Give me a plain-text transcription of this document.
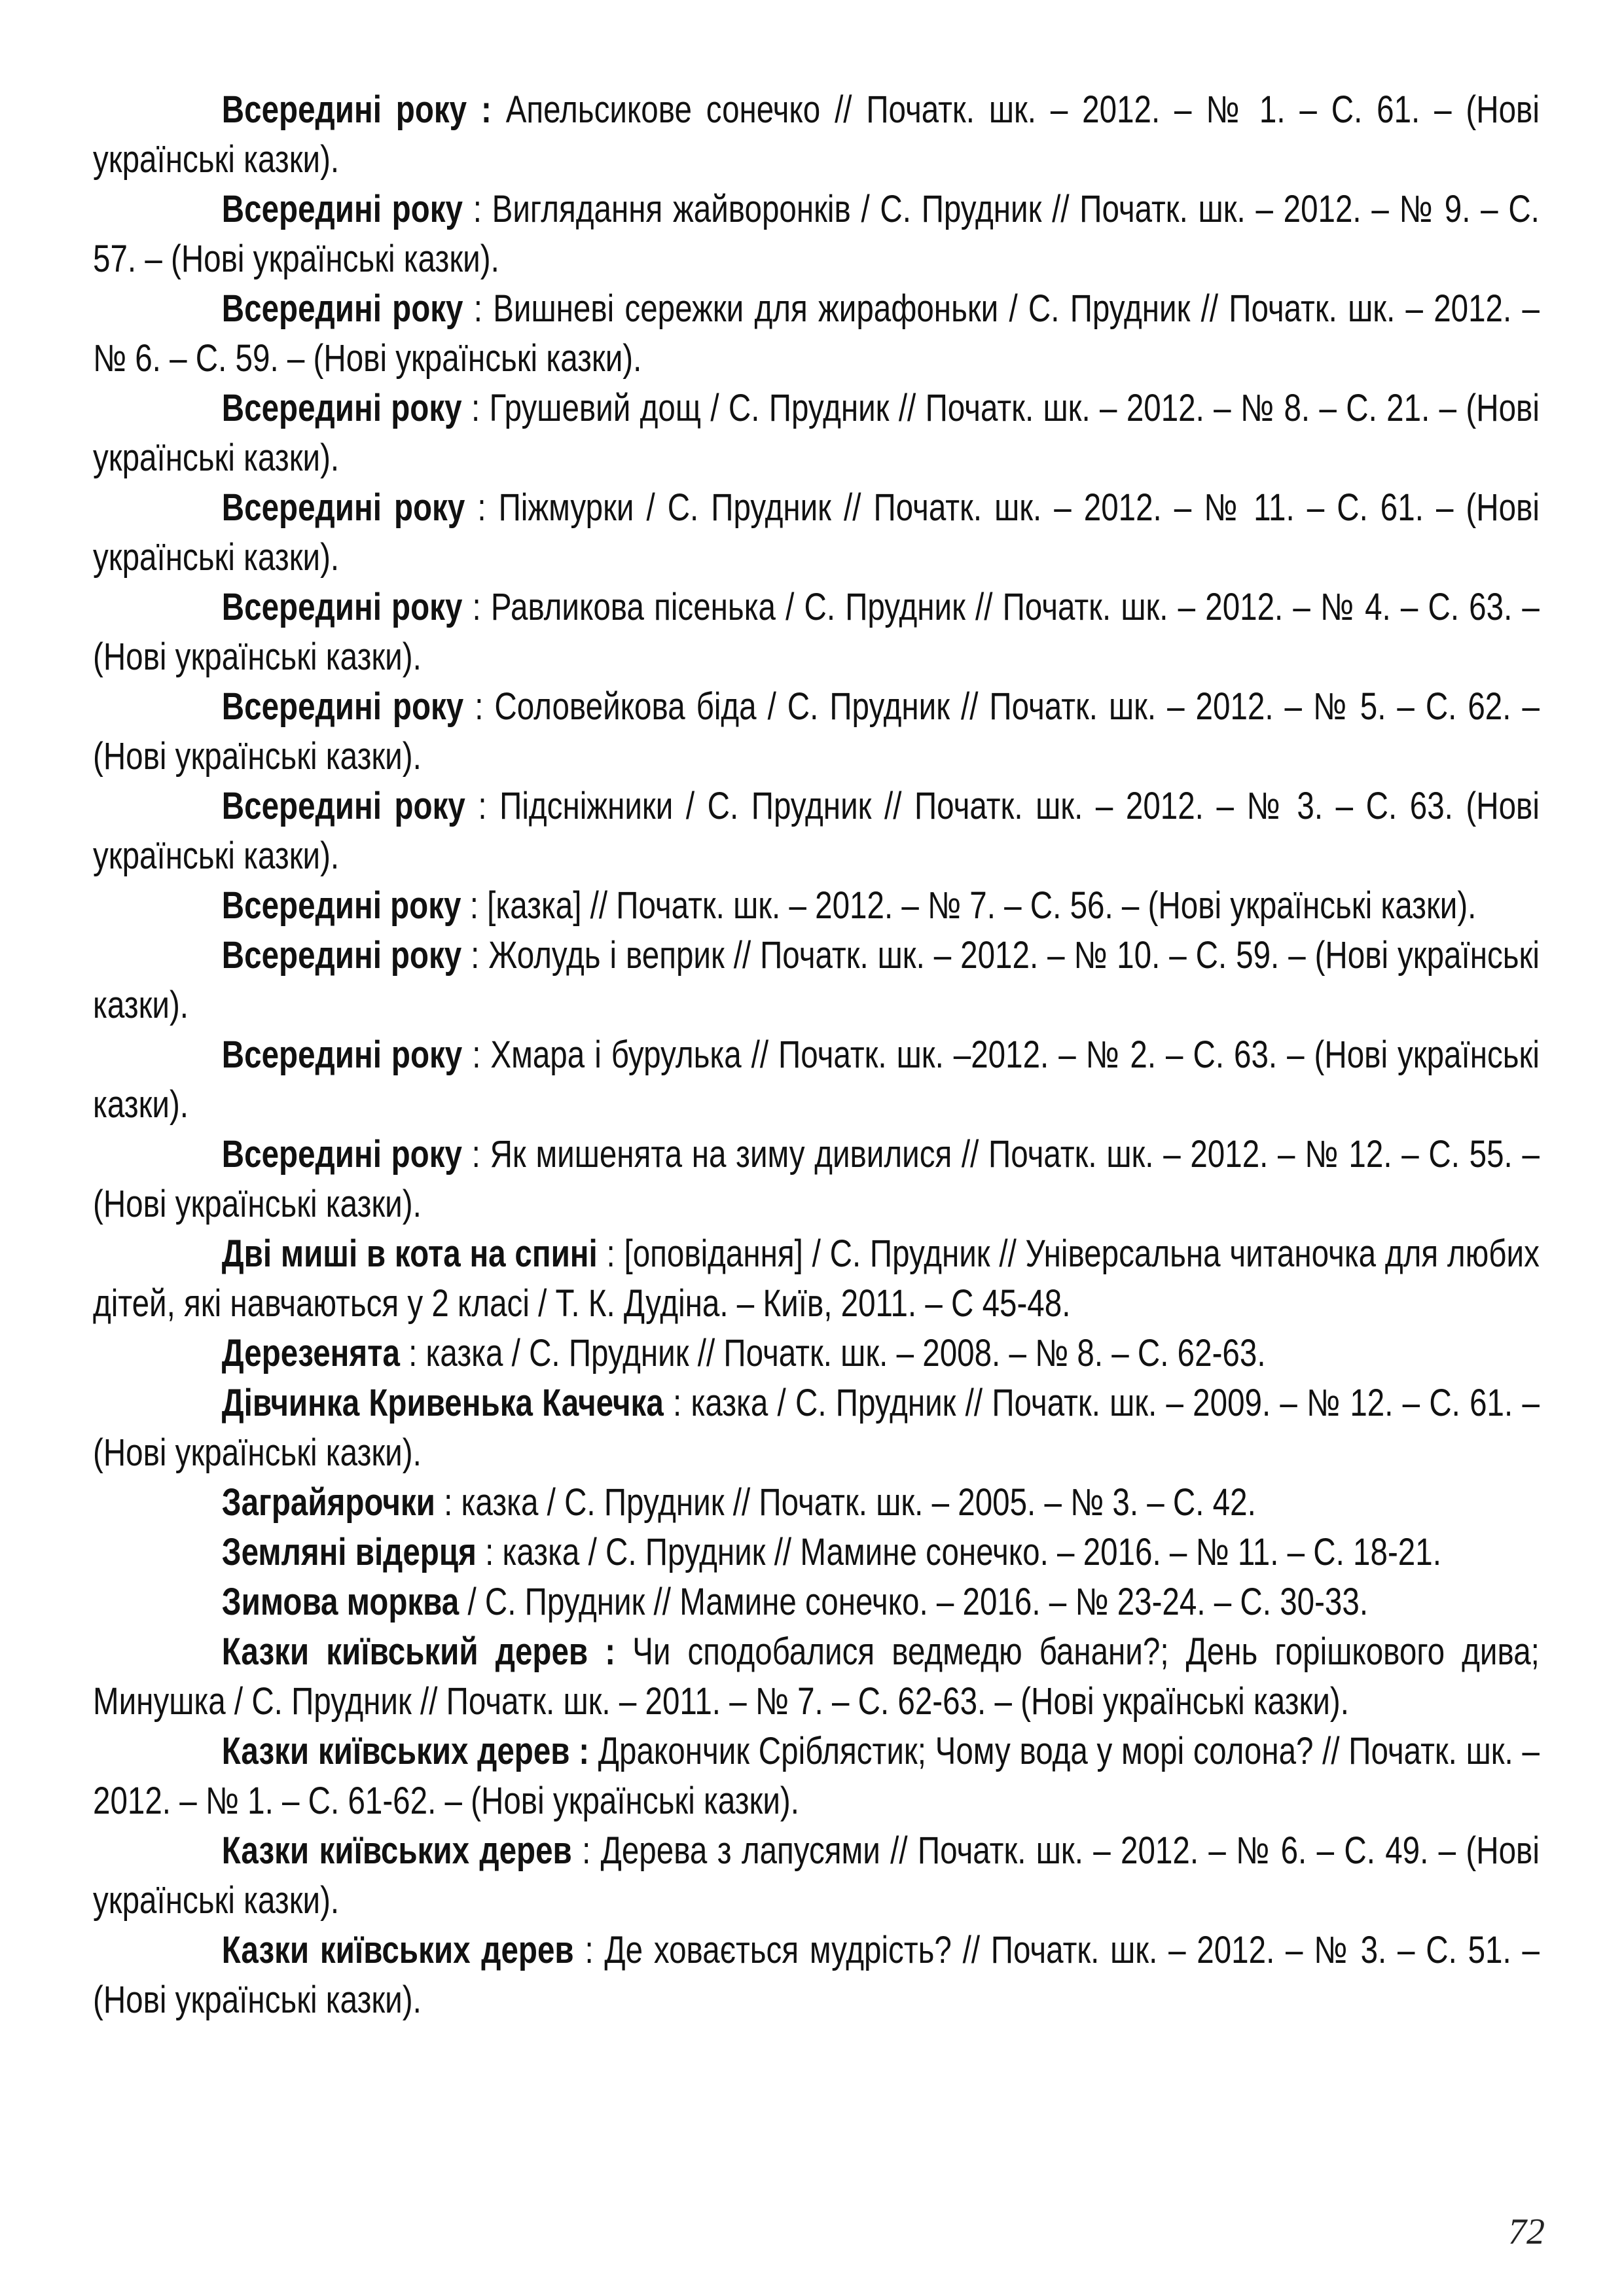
Всередині року : Апельсикове сонечко // Початк. шк. – 2012. – № 1. – С. 61. – (Нові українські казки).

Всередині року : Виглядання жайворонків / С. Прудник // Початк. шк. – 2012. – № 9. – С. 57. – (Нові українські казки).

Всередині року : Вишневі сережки для жирафоньки / С. Прудник // Початк. шк. – 2012. – № 6. – С. 59. – (Нові українські казки).

Всередині року : Грушевий дощ / С. Прудник // Початк. шк. – 2012. – № 8. – С. 21. – (Нові українські казки).

Всередині року : Піжмурки / С. Прудник // Початк. шк. – 2012. – № 11. – С. 61. – (Нові українські казки).

Всередині року : Равликова пісенька / С. Прудник // Початк. шк. – 2012. – № 4. – С. 63. – (Нові українські казки).

Всередині року : Соловейкова біда / С. Прудник // Початк. шк. – 2012. – № 5. – С. 62. – (Нові українські казки).

Всередині року : Підсніжники / С. Прудник // Початк. шк. – 2012. – № 3. – С. 63. (Нові українські казки).

Всередині року : [казка] // Початк. шк. – 2012. – № 7. – С. 56. – (Нові українські казки).

Всередині року : Жолудь і веприк // Початк. шк. – 2012. – № 10. – С. 59. – (Нові українські казки).

Всередині року : Хмара і бурулька // Початк. шк. –2012. – № 2. – С. 63. – (Нові українські казки).

Всередині року : Як мишенята на зиму дивилися // Початк. шк. – 2012. – № 12. – С. 55. – (Нові українські казки).

Дві миші в кота на спині : [оповідання] / С. Прудник // Універсальна читаночка для любих дітей, які навчаються у 2 класі / Т. К. Дудіна. – Київ, 2011. – С 45-48.

Дерезенята : казка / С. Прудник // Початк. шк. – 2008. – № 8. – С. 62-63.

Дівчинка Кривенька Качечка : казка / С. Прудник // Початк. шк. – 2009. – № 12. – С. 61. – (Нові українські казки).

Заграйярочки : казка / С. Прудник // Початк. шк. – 2005. – № 3. – С. 42.

Земляні відерця : казка / С. Прудник // Мамине сонечко. – 2016. – № 11. – С. 18-21.

Зимова морква / С. Прудник // Мамине сонечко. – 2016. – № 23-24. – С. 30-33.

Казки київський дерев : Чи сподобалися ведмедю банани?; День горішкового дива; Минушка / С. Прудник // Початк. шк. – 2011. – № 7. – С. 62-63. – (Нові українські казки).

Казки київських дерев : Дракончик Сріблястик; Чому вода у морі солона? // Початк. шк. – 2012. – № 1. – С. 61-62. – (Нові українські казки).

Казки київських дерев : Дерева з лапусями // Початк. шк. – 2012. – № 6. – С. 49. – (Нові українські казки).

Казки київських дерев : Де ховається мудрість? // Початк. шк. – 2012. – № 3. – С. 51. – (Нові українські казки).

72
